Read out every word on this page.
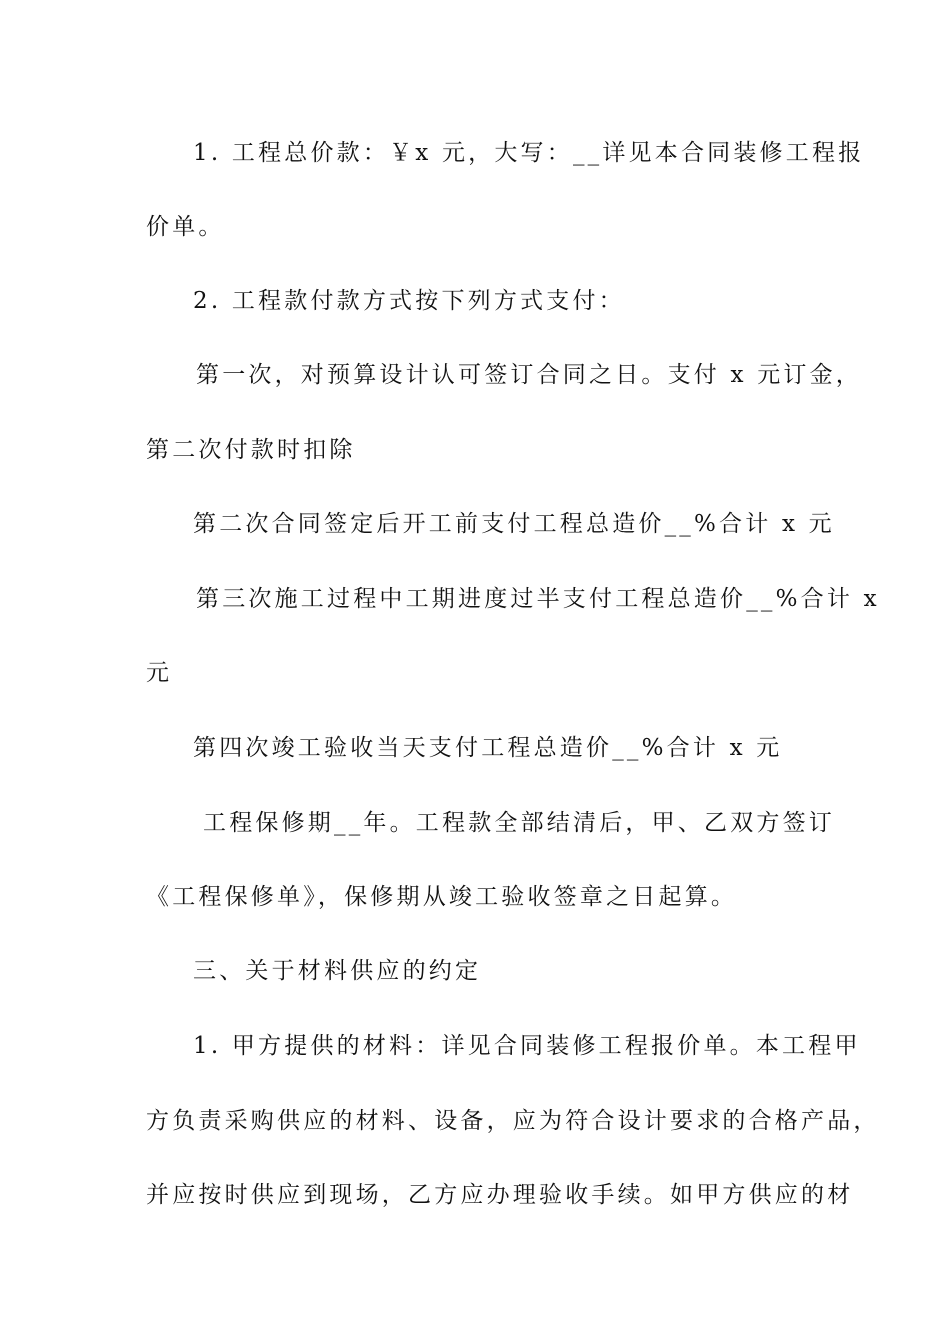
1. 工程总价款：￥x 元，大写：__详见本合同装修工程报
价单。
2. 工程款付款方式按下列方式支付：
第一次，对预算设计认可签订合同之日。支付 x 元订金，
第二次付款时扣除
第二次合同签定后开工前支付工程总造价__%合计 x 元
第三次施工过程中工期进度过半支付工程总造价__%合计 x
元
第四次竣工验收当天支付工程总造价__%合计 x 元
工程保修期__年。工程款全部结清后，甲、乙双方签订
《工程保修单》，保修期从竣工验收签章之日起算。
三、关于材料供应的约定
1. 甲方提供的材料：详见合同装修工程报价单。本工程甲
方负责采购供应的材料、设备，应为符合设计要求的合格产品，
并应按时供应到现场，乙方应办理验收手续。如甲方供应的材
